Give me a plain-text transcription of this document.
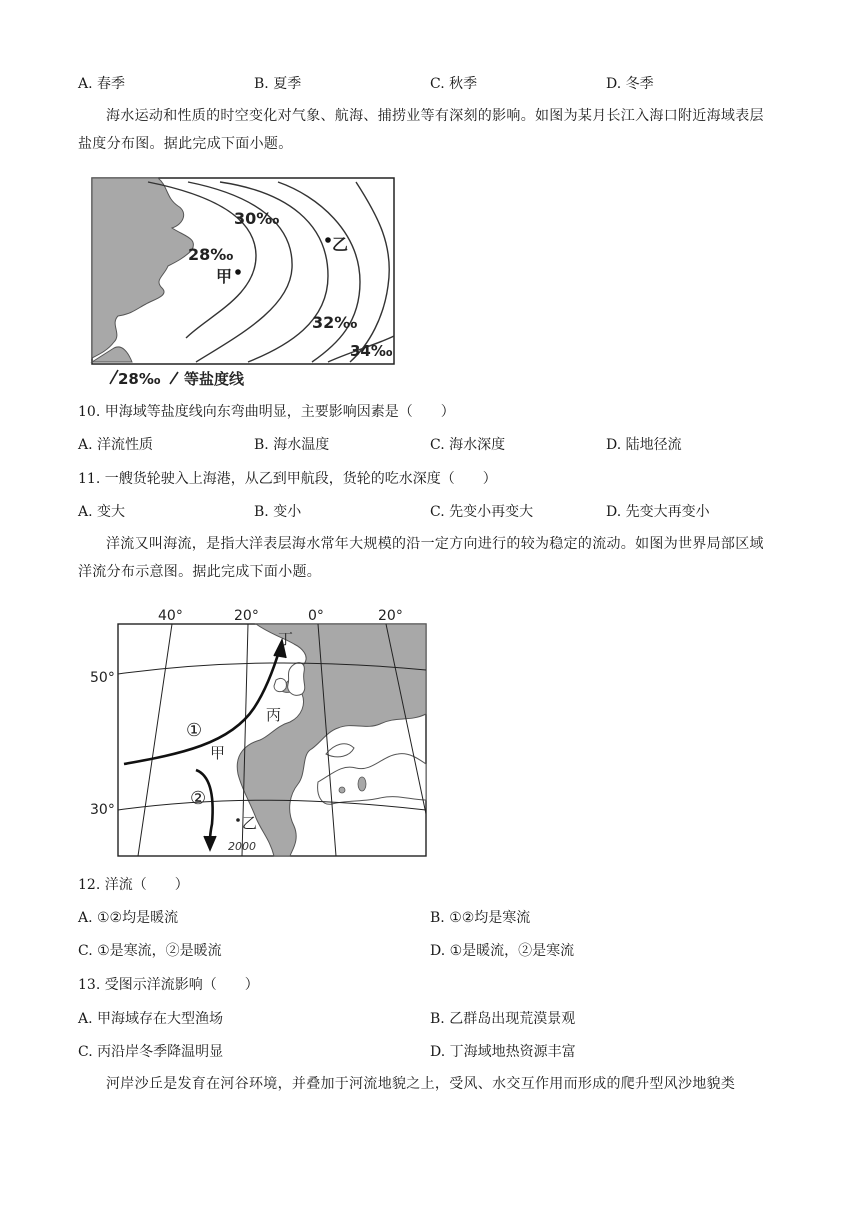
A. 春季	B. 夏季	C. 秋季	D. 冬季
海水运动和性质的时空变化对气象、航海、捕捞业等有深刻的影响。如图为某月长江入海口附近海域表层盐度分布图。据此完成下面小题。
30‰
28‰
甲
乙
32‰
34‰
28‰ 等盐度线
10. 甲海域等盐度线向东弯曲明显，主要影响因素是（　　）
A. 洋流性质	B. 海水温度	C. 海水深度	D. 陆地径流
11. 一艘货轮驶入上海港，从乙到甲航段，货轮的吃水深度（　　）
A. 变大	B. 变小	C. 先变小再变大	D. 先变大再变小
洋流又叫海流，是指大洋表层海水常年大规模的沿一定方向进行的较为稳定的流动。如图为世界局部区域洋流分布示意图。据此完成下面小题。
40°	20°	0°	20°
50°
30°
丁
丙
①
甲
②
乙
2000
12. 洋流（　　）
A. ①②均是暖流	B. ①②均是寒流
C. ①是寒流，②是暖流	D. ①是暖流，②是寒流
13. 受图示洋流影响（　　）
A. 甲海域存在大型渔场	B. 乙群岛出现荒漠景观
C. 丙沿岸冬季降温明显	D. 丁海域地热资源丰富
河岸沙丘是发育在河谷环境，并叠加于河流地貌之上，受风、水交互作用而形成的爬升型风沙地貌类
